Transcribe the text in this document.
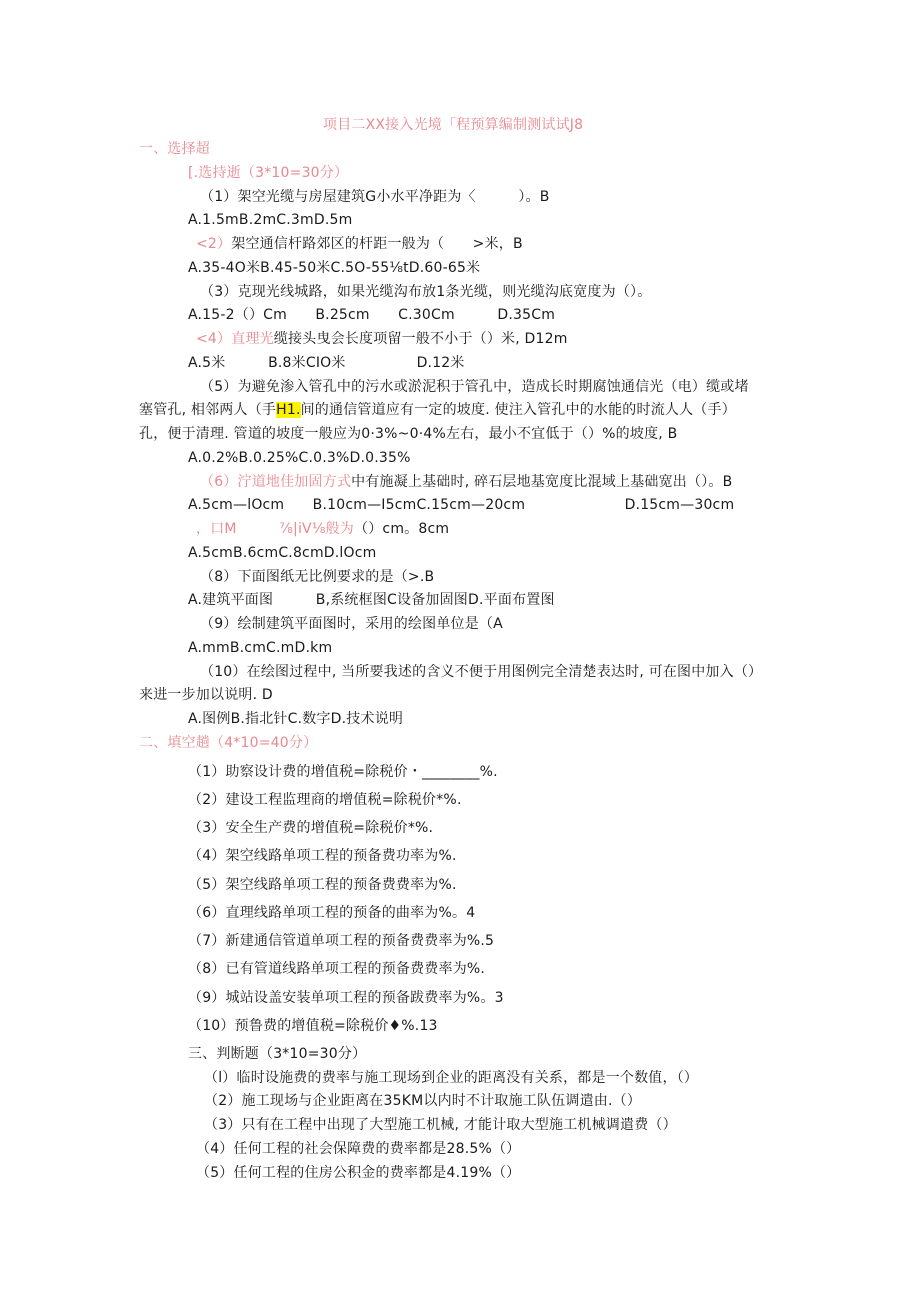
项目二XX接入光境「程预算编制测试试J8
一、选择超
[.选持逝（3*10=30分）
（1）架空光缆与房屋建筑G小水平净距为〈　　　）。B
A.1.5mB.2mC.3mD.5m
<2）架空通信杆路郊区的杆距一般为（　　>米，B
A.35-4O米B.45-50米C.5O-55⅛tD.60-65米
（3）克现光线城路，如果光缆沟布放1条光缆，则光缆沟底宽度为（）。
A.15-2（）Cm　　B.25cm　　C.30Cm　　　D.35Cm
<4）直理光缆接头曳会长度项留一般不小于（）米, D12m
A.5米　　　B.8米CIO米　　　　　D.12米
（5）为避免渗入管孔中的污水或淤泥积于管孔中，造成长时期腐蚀通信光（电）缆或堵
塞管孔, 相邻两人（手H1.间的通信管道应有一定的坡度. 使注入管孔中的水能的时流人人（手）
孔，便于清理. 管道的坡度一般应为0·3%~0·4%左右，最小不宜低于（）%的坡度, B
A.0.2%B.0.25%C.0.3%D.0.35%
（6）泞道地佳加固方式中有施凝上基础时, 碎石层地基宽度比混域上基础宽出（）。B
A.5cm—lOcm　　B.10cm—I5cmC.15cm—20cm　　　　　　　D.15cm—30cm
，口M　　　⅞|iV⅛般为（）cm。8cm
A.5cmB.6cmC.8cmD.lOcm
（8）下面图纸无比例要求的是（>.B
A.建筑平面图　　　B,系统框图C设备加固图D.平面布置图
（9）绘制建筑平面图时，采用的绘图单位是（A
A.mmB.cmC.mD.km
（10）在绘图过程中, 当所要我述的含义不便于用图例完全清楚表达时, 可在图中加入（）
来进一步加以说明. D
A.图例B.指北针C.数字D.技术说明
二、填空趟（4*10=40分）
（1）助察设计费的增值税=除税价・________%.
（2）建设工程监理商的增值税=除税价*%.
（3）安全生产费的增值税=除税价*%.
（4）架空线路单项工程的预备费功率为%.
（5）架空线路单项工程的预备费费率为%.
（6）直理线路单项工程的预备的曲率为%。4
（7）新建通信管道单项工程的预备费费率为%.5
（8）已有管道线路单项工程的预备费费率为%.
（9）城站设盖安装单项工程的预备跋费率为%。3
（10）预鲁费的增值税=除税价♦%.13
三、判断题（3*10=30分）
（l）临时设施费的费率与施工现场到企业的距离没有关系，都是一个数值，（）
（2）施工现场与企业距离在35KM以内时不计取施工队伍调遣由.（）
（3）只有在工程中出现了大型施工机械, 才能计取大型施工机械调遣费（）
（4）任何工程的社会保障费的费率都是28.5%（）
（5）任何工程的住房公积金的费率都是4.19%（）
